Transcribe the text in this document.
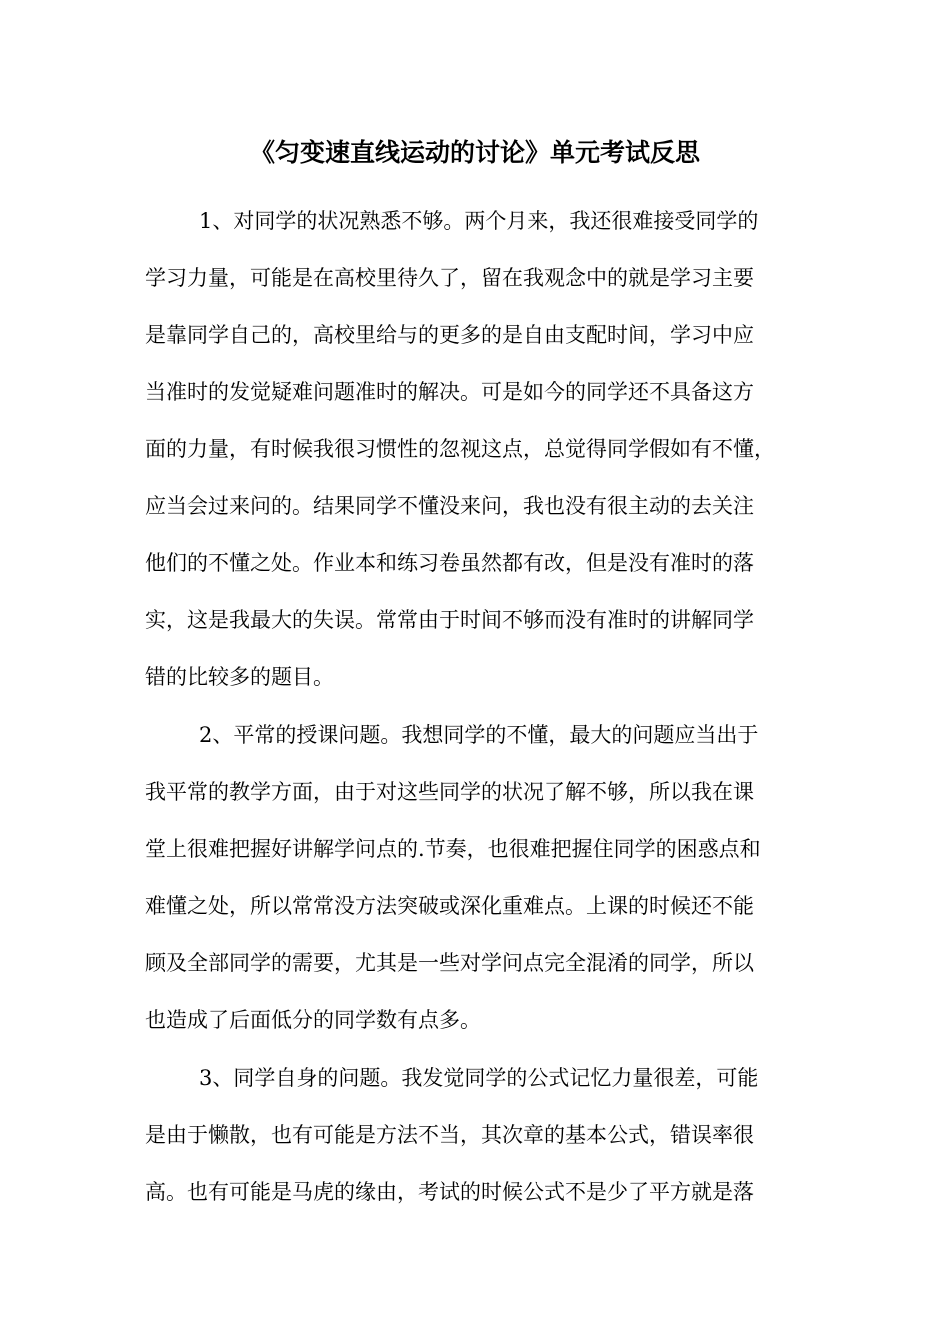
《匀变速直线运动的讨论》单元考试反思
1、对同学的状况熟悉不够。两个月来，我还很难接受同学的
学习力量，可能是在高校里待久了，留在我观念中的就是学习主要
是靠同学自己的，高校里给与的更多的是自由支配时间，学习中应
当准时的发觉疑难问题准时的解决。可是如今的同学还不具备这方
面的力量，有时候我很习惯性的忽视这点，总觉得同学假如有不懂，
应当会过来问的。结果同学不懂没来问，我也没有很主动的去关注
他们的不懂之处。作业本和练习卷虽然都有改，但是没有准时的落
实，这是我最大的失误。常常由于时间不够而没有准时的讲解同学
错的比较多的题目。
2、平常的授课问题。我想同学的不懂，最大的问题应当出于
我平常的教学方面，由于对这些同学的状况了解不够，所以我在课
堂上很难把握好讲解学问点的.节奏，也很难把握住同学的困惑点和
难懂之处，所以常常没方法突破或深化重难点。上课的时候还不能
顾及全部同学的需要，尤其是一些对学问点完全混淆的同学，所以
也造成了后面低分的同学数有点多。
3、同学自身的问题。我发觉同学的公式记忆力量很差，可能
是由于懒散，也有可能是方法不当，其次章的基本公式，错误率很
高。也有可能是马虎的缘由，考试的时候公式不是少了平方就是落
